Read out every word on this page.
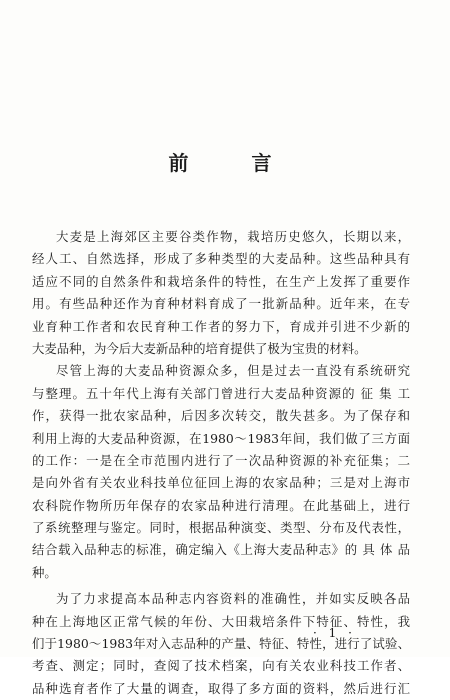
前 言
大麦是上海郊区主要谷类作物，栽培历史悠久，长期以来，
经人工、自然选择，形成了多种类型的大麦品种。这些品种具有
适应不同的自然条件和栽培条件的特性，在生产上发挥了重要作
用。有些品种还作为育种材料育成了一批新品种。近年来，在专
业育种工作者和农民育种工作者的努力下，育成并引进不少新的
大麦品种，为今后大麦新品种的培育提供了极为宝贵的材料。
尽管上海的大麦品种资源众多，但是过去一直没有系统研究
与整理。五十年代上海有关部门曾进行大麦品种资源的 征 集 工
作，获得一批农家品种，后因多次转交，散失甚多。为了保存和
利用上海的大麦品种资源，在1980～1983年间，我们做了三方面
的工作：一是在全市范围内进行了一次品种资源的补充征集；二
是向外省有关农业科技单位征回上海的农家品种；三是对上海市
农科院作物所历年保存的农家品种进行清理。在此基础上，进行
了系统整理与鉴定。同时，根据品种演变、类型、分布及代表性，
结合载入品种志的标准，确定编入《上海大麦品种志》的 具 体 品
种。
为了力求提高本品种志内容资料的准确性，并如实反映各品
种在上海地区正常气候的年份、大田栽培条件下特征、特性，我
们于1980～1983年对入志品种的产量、特征、特性，进行了试验、
考查、测定；同时，查阅了技术档案，向有关农业科技工作者、
品种选育者作了大量的调查，取得了多方面的资料，然后进行汇
· 1 ·
